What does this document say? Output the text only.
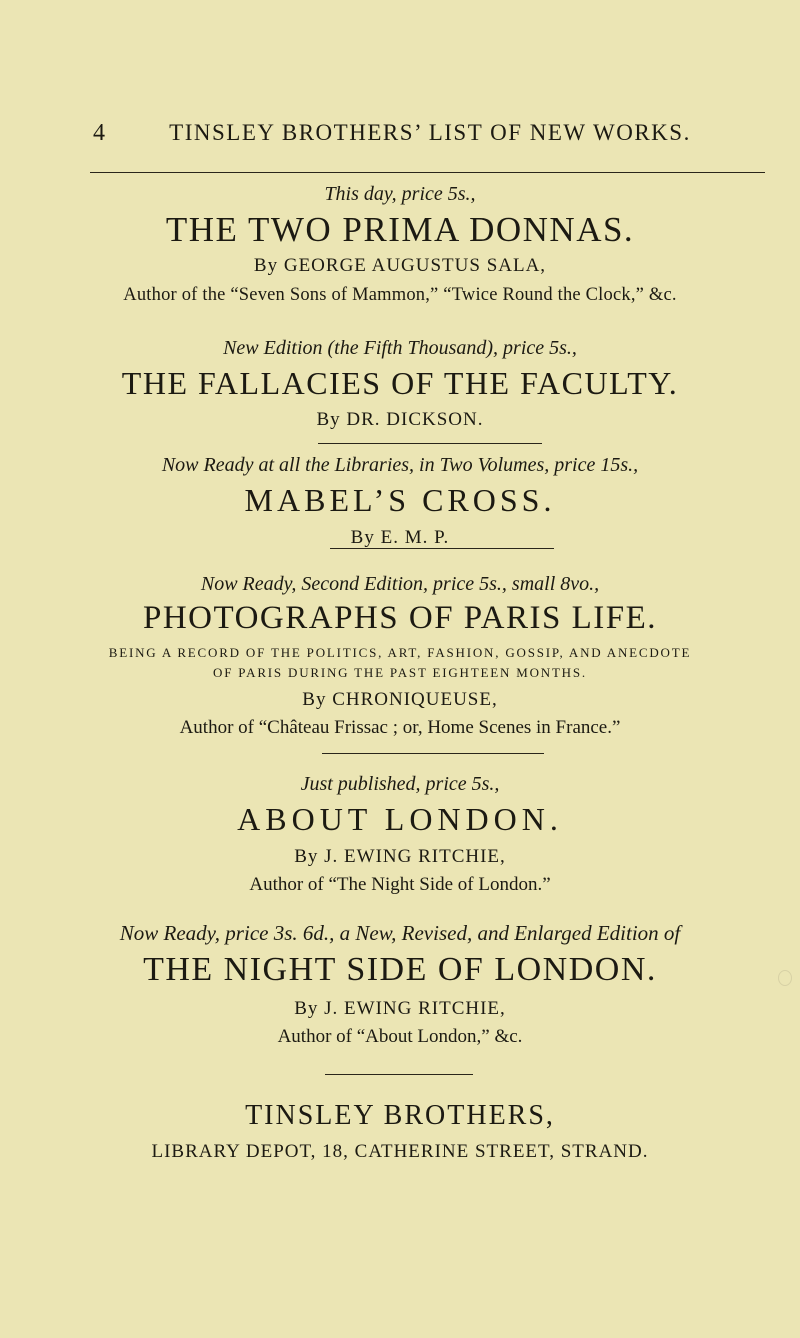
4	TINSLEY BROTHERS’ LIST OF NEW WORKS.
This day, price 5s.,
THE TWO PRIMA DONNAS.
By GEORGE AUGUSTUS SALA,
Author of the “Seven Sons of Mammon,” “Twice Round the Clock,” &c.
New Edition (the Fifth Thousand), price 5s.,
THE FALLACIES OF THE FACULTY.
By DR. DICKSON.
Now Ready at all the Libraries, in Two Volumes, price 15s.,
MABEL’S CROSS.
By E. M. P.
Now Ready, Second Edition, price 5s., small 8vo.,
PHOTOGRAPHS OF PARIS LIFE.
BEING A RECORD OF THE POLITICS, ART, FASHION, GOSSIP, AND ANECDOTE
OF PARIS DURING THE PAST EIGHTEEN MONTHS.
By CHRONIQUEUSE,
Author of “Château Frissac ; or, Home Scenes in France.”
Just published, price 5s.,
ABOUT LONDON.
By J. EWING RITCHIE,
Author of “The Night Side of London.”
Now Ready, price 3s. 6d., a New, Revised, and Enlarged Edition of
THE NIGHT SIDE OF LONDON.
By J. EWING RITCHIE,
Author of “About London,” &c.
TINSLEY BROTHERS,
LIBRARY DEPOT, 18, CATHERINE STREET, STRAND.
